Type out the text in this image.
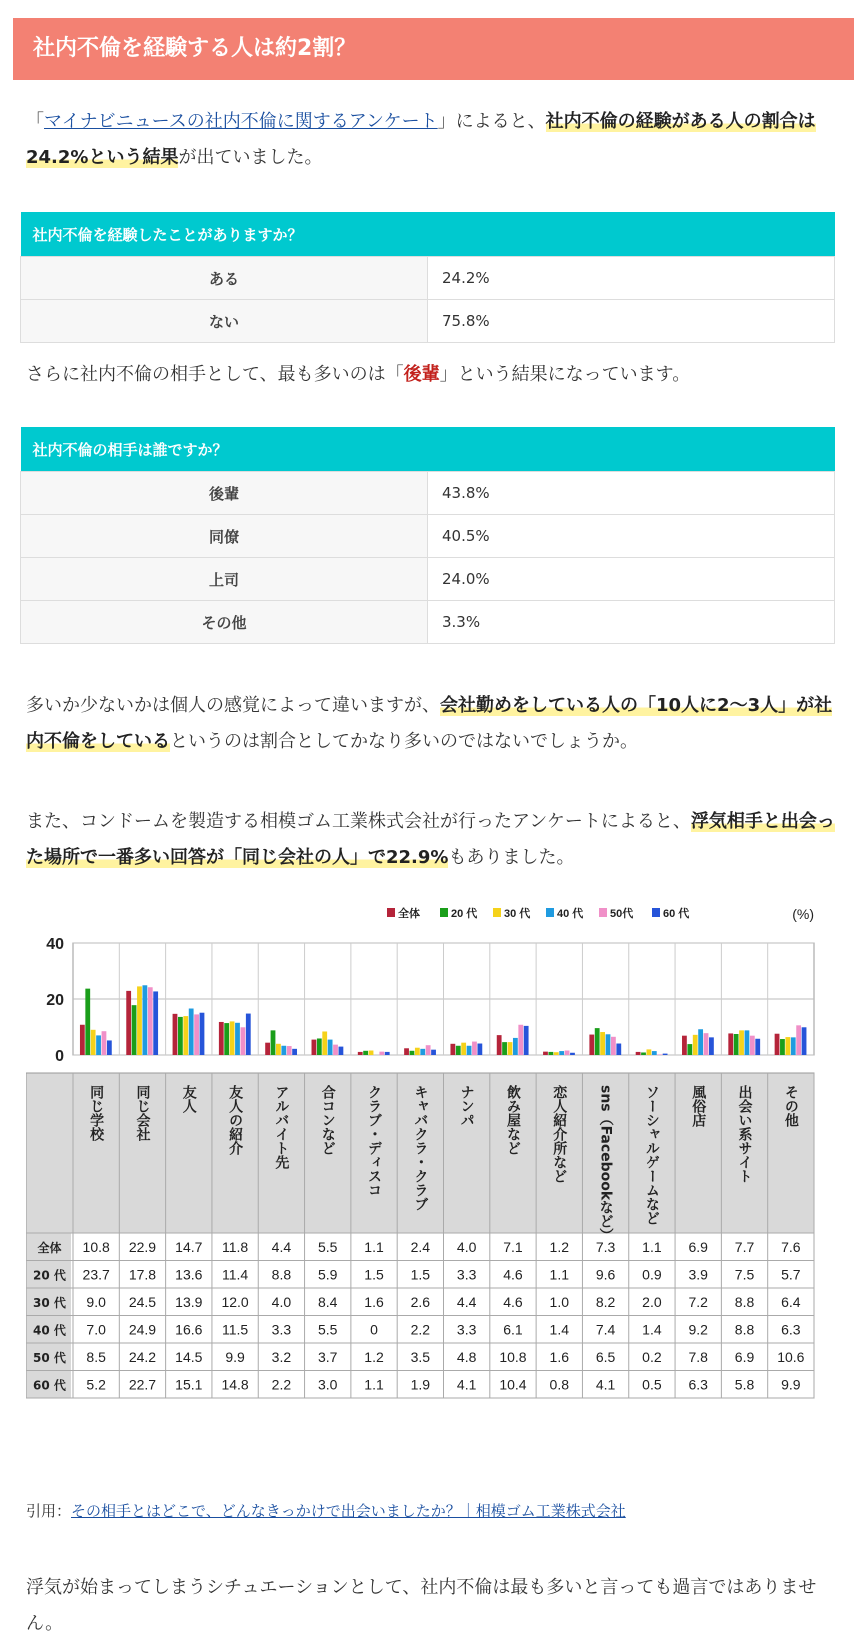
社内不倫を経験する人は約2割？
「マイナビニュースの社内不倫に関するアンケート」によると、社内不倫の経験がある人の割合は24.2%という結果が出ていました。
社内不倫を経験したことがありますか？	
ある	24.2%
ない	75.8%
さらに社内不倫の相手として、最も多いのは「後輩」という結果になっています。
社内不倫の相手は誰ですか？	
後輩	43.8%
同僚	40.5%
上司	24.0%
その他	3.3%
多いか少ないかは個人の感覚によって違いますが、会社勤めをしている人の「10人に2〜3人」が社内不倫をしているというのは割合としてかなり多いのではないでしょうか。
また、コンドームを製造する相模ゴム工業株式会社が行ったアンケートによると、浮気相手と出会った場所で一番多い回答が「同じ会社の人」で22.9%もありました。
0
20
40
全体	20 代 30 代 40 代 50代	60 代	(%)
同じ学校 同じ会社 友人 友人の紹介 アルバイト先 合コンなど クラブ・ディスコ キャバクラ・クラブ ナンパ 飲み屋など 恋人紹介所など sns（Facebookなど） ソーシャルゲームなど 風俗店 出会い系サイト その他
全体 10.8 22.9 14.7 11.8 4.4 5.5 1.1 2.4 4.0 7.1 1.2 7.3 1.1 6.9 7.7 7.6
20 代 23.7 17.8 13.6 11.4 8.8 5.9 1.5 1.5 3.3 4.6 1.1 9.6 0.9 3.9 7.5 5.7
30 代 9.0 24.5 13.9 12.0 4.0 8.4 1.6 2.6 4.4 4.6 1.0 8.2 2.0 7.2 8.8 6.4
40 代 7.0 24.9 16.6 11.5 3.3 5.5 0 2.2 3.3 6.1 1.4 7.4 1.4 9.2 8.8 6.3
50 代 8.5 24.2 14.5 9.9 3.2 3.7 1.2 3.5 4.8 10.8 1.6 6.5 0.2 7.8 6.9 10.6
60 代 5.2 22.7 15.1 14.8 2.2 3.0 1.1 1.9 4.1 10.4 0.8 4.1 0.5 6.3 5.8 9.9
引用：その相手とはどこで、どんなきっかけで出会いましたか？｜相模ゴム工業株式会社
浮気が始まってしまうシチュエーションとして、社内不倫は最も多いと言っても過言ではありません。
